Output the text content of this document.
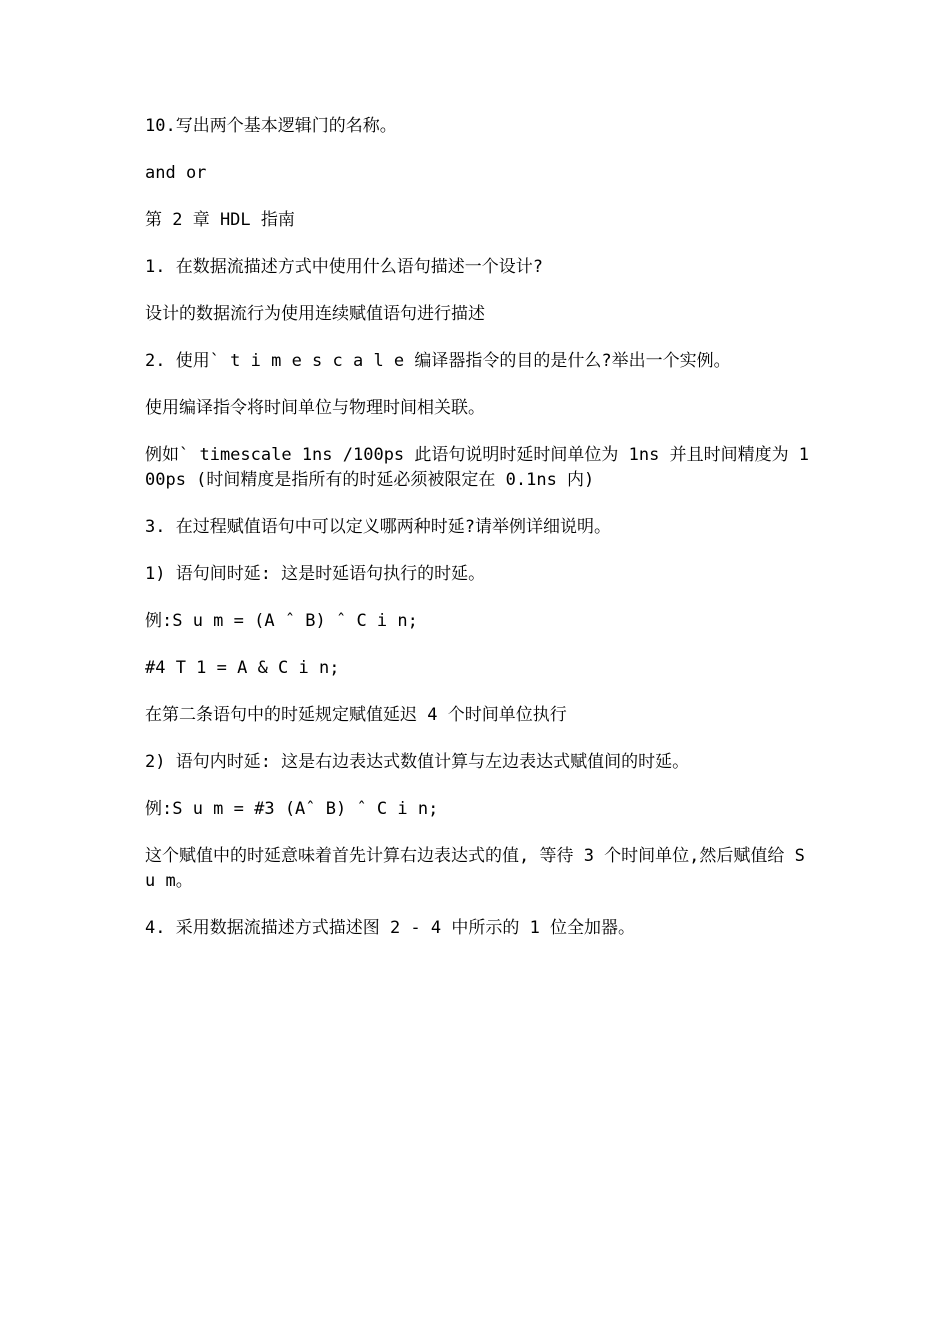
10.写出两个基本逻辑门的名称。

and or

第 2 章 HDL 指南

1. 在数据流描述方式中使用什么语句描述一个设计?

设计的数据流行为使用连续赋值语句进行描述

2. 使用` t i m e s c a l e 编译器指令的目的是什么?举出一个实例。

使用编译指令将时间单位与物理时间相关联。

例如` timescale 1ns /100ps 此语句说明时延时间单位为 1ns 并且时间精度为 100ps (时间精度是指所有的时延必须被限定在 0.1ns 内)

3. 在过程赋值语句中可以定义哪两种时延?请举例详细说明。

1) 语句间时延: 这是时延语句执行的时延。

例:S u m = (A ˆ B) ˆ C i n;

#4 T 1 = A & C i n;

在第二条语句中的时延规定赋值延迟 4 个时间单位执行

2) 语句内时延: 这是右边表达式数值计算与左边表达式赋值间的时延。

例:S u m = #3 (Aˆ B) ˆ C i n;

这个赋值中的时延意味着首先计算右边表达式的值, 等待 3 个时间单位,然后赋值给 S u m。

4. 采用数据流描述方式描述图 2 - 4 中所示的 1 位全加器。
